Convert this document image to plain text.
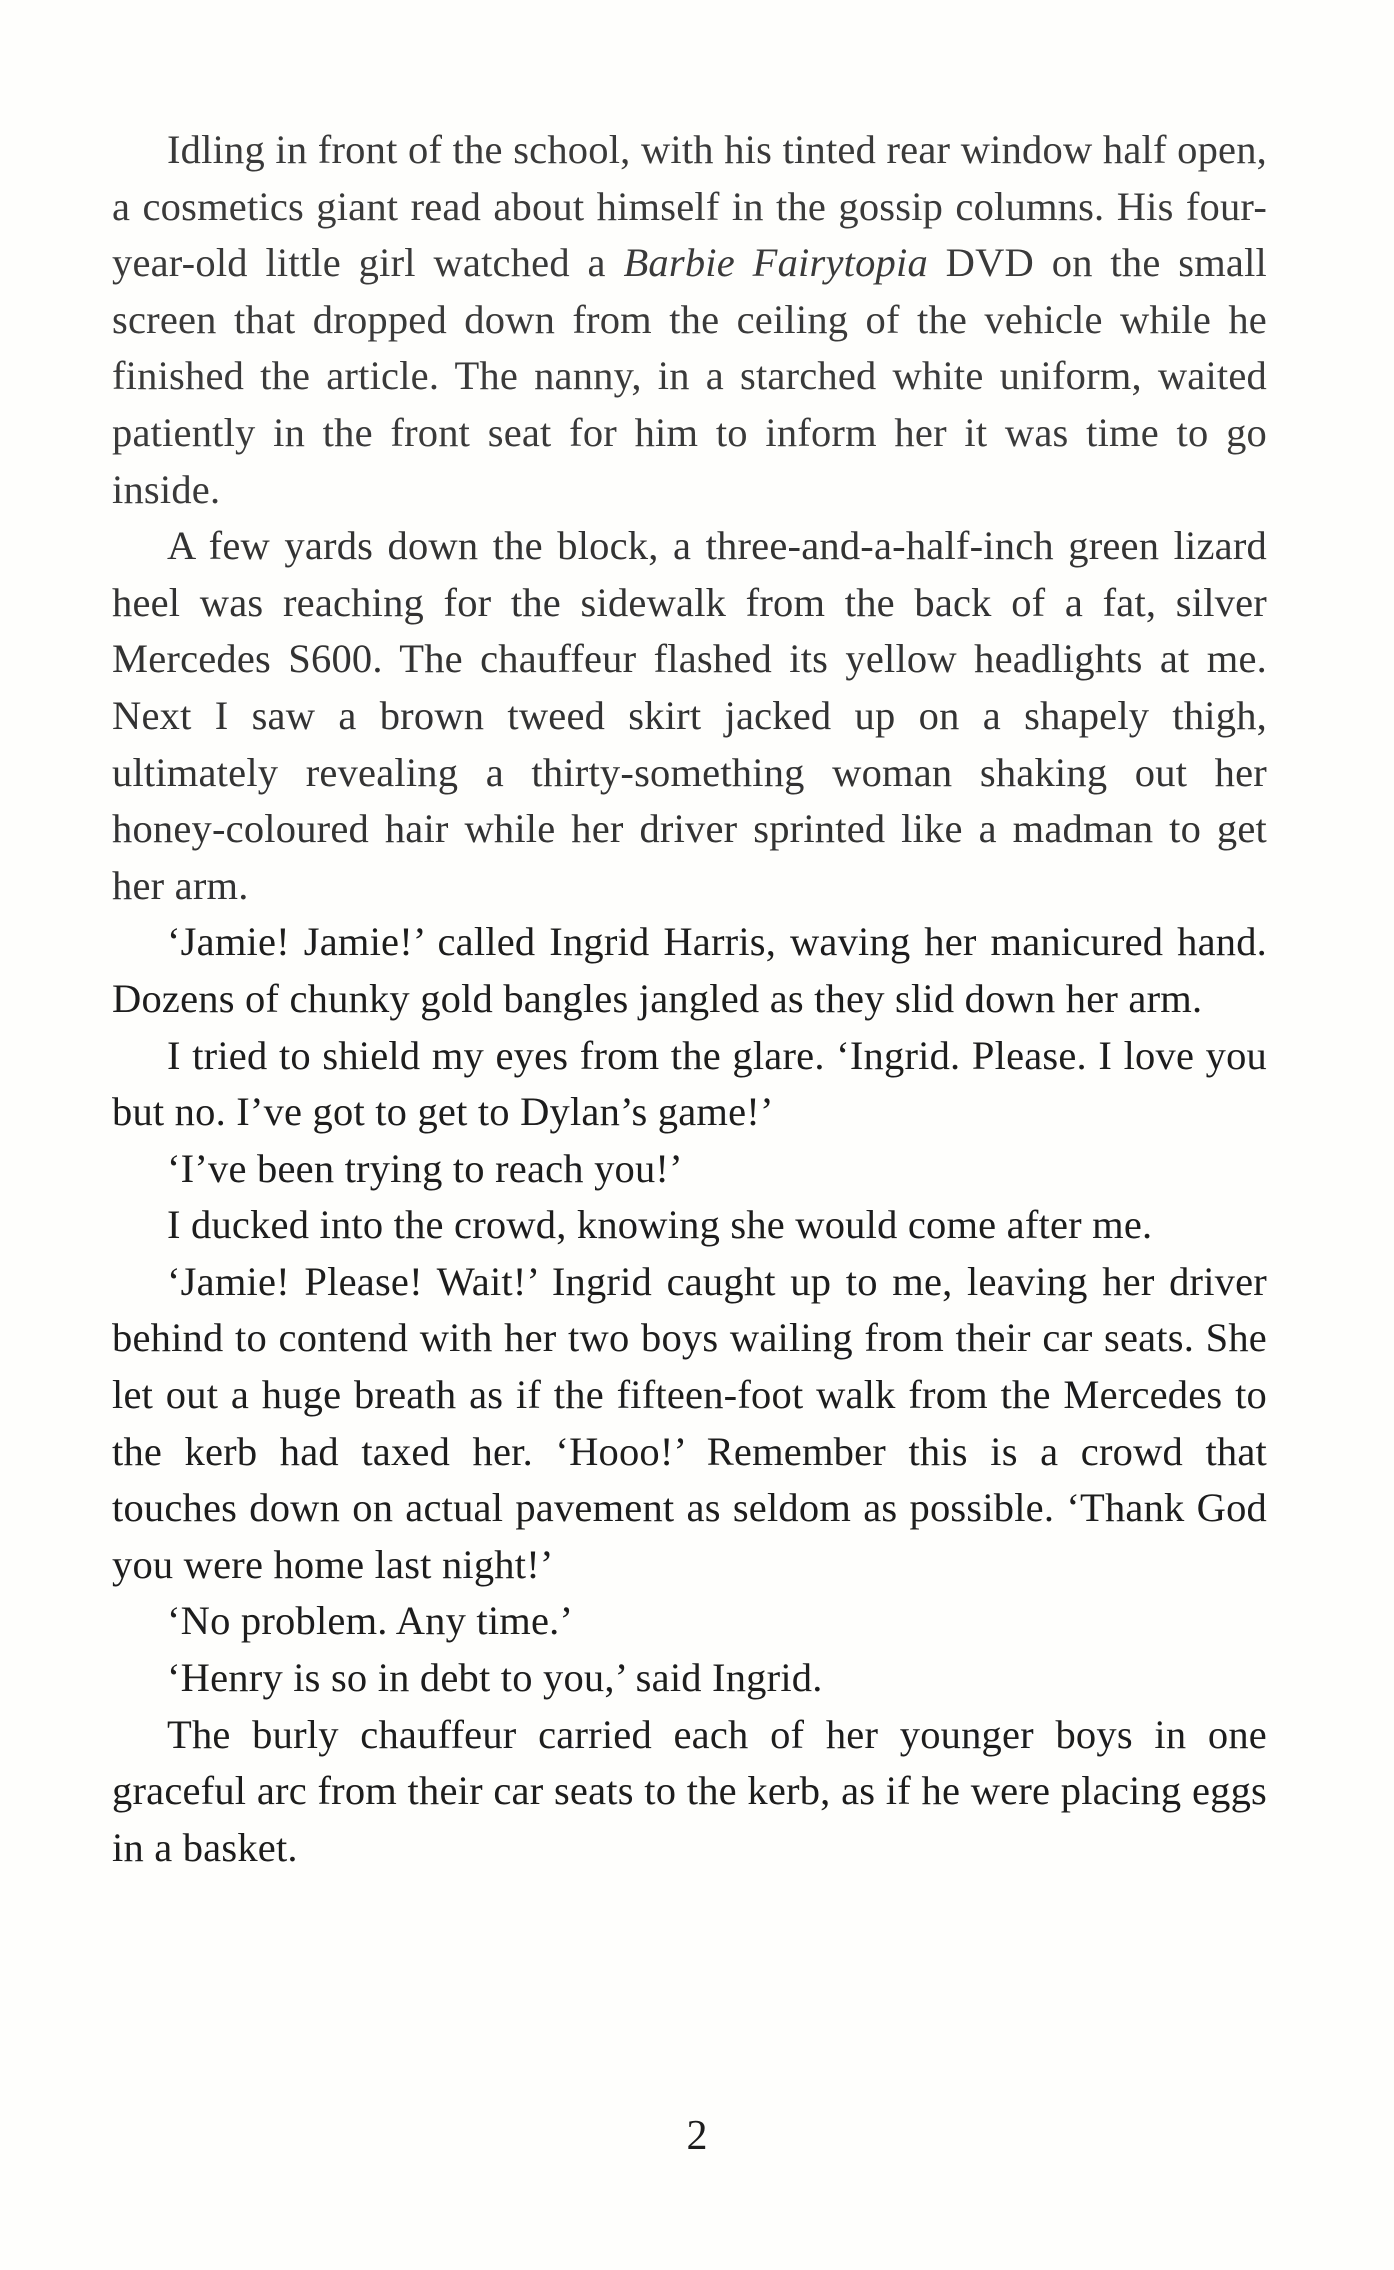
Idling in front of the school, with his tinted rear window half open, a cosmetics giant read about himself in the gossip columns. His four-year-old little girl watched a Barbie Fairytopia DVD on the small screen that dropped down from the ceiling of the vehicle while he finished the article. The nanny, in a starched white uniform, waited patiently in the front seat for him to inform her it was time to go inside.

A few yards down the block, a three-and-a-half-inch green lizard heel was reaching for the sidewalk from the back of a fat, silver Mercedes S600. The chauffeur flashed its yellow headlights at me. Next I saw a brown tweed skirt jacked up on a shapely thigh, ultimately revealing a thirty-something woman shaking out her honey-coloured hair while her driver sprinted like a madman to get her arm.

‘Jamie! Jamie!’ called Ingrid Harris, waving her manicured hand. Dozens of chunky gold bangles jangled as they slid down her arm.

I tried to shield my eyes from the glare. ‘Ingrid. Please. I love you but no. I’ve got to get to Dylan’s game!’

‘I’ve been trying to reach you!’

I ducked into the crowd, knowing she would come after me.

‘Jamie! Please! Wait!’ Ingrid caught up to me, leaving her driver behind to contend with her two boys wailing from their car seats. She let out a huge breath as if the fifteen-foot walk from the Mercedes to the kerb had taxed her. ‘Hooo!’ Remember this is a crowd that touches down on actual pavement as seldom as possible. ‘Thank God you were home last night!’

‘No problem. Any time.’

‘Henry is so in debt to you,’ said Ingrid.

The burly chauffeur carried each of her younger boys in one graceful arc from their car seats to the kerb, as if he were placing eggs in a basket.

2
